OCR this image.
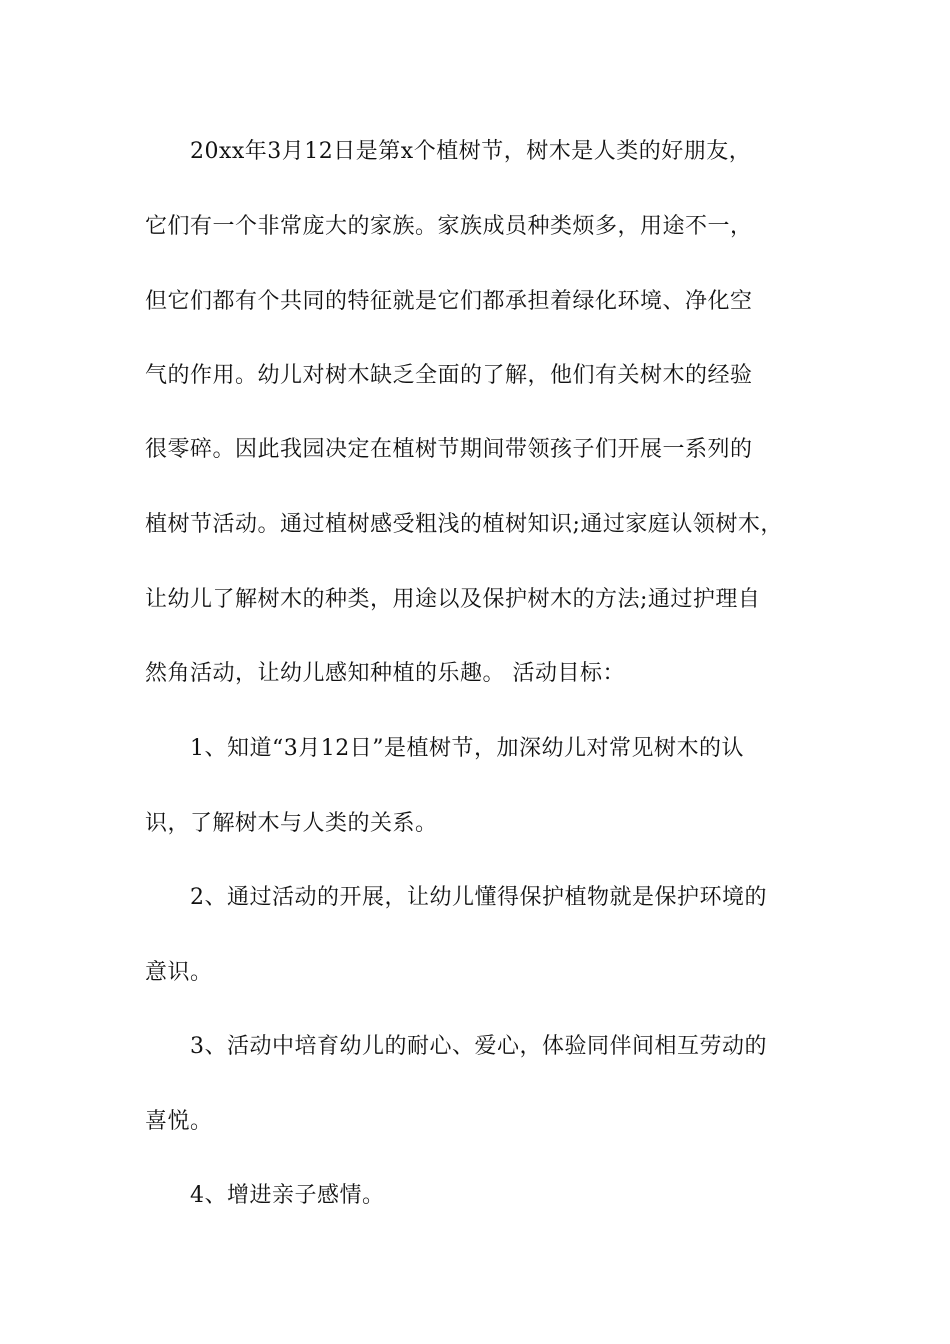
20xx年3月12日是第x个植树节，树木是人类的好朋友，
它们有一个非常庞大的家族。家族成员种类烦多，用途不一，
但它们都有个共同的特征就是它们都承担着绿化环境、净化空
气的作用。幼儿对树木缺乏全面的了解，他们有关树木的经验
很零碎。因此我园决定在植树节期间带领孩子们开展一系列的
植树节活动。通过植树感受粗浅的植树知识;通过家庭认领树木，
让幼儿了解树木的种类，用途以及保护树木的方法;通过护理自
然角活动，让幼儿感知种植的乐趣。 活动目标：
1、知道“3月12日”是植树节，加深幼儿对常见树木的认
识，了解树木与人类的关系。
2、通过活动的开展，让幼儿懂得保护植物就是保护环境的
意识。
3、活动中培育幼儿的耐心、爱心，体验同伴间相互劳动的
喜悦。
4、增进亲子感情。
